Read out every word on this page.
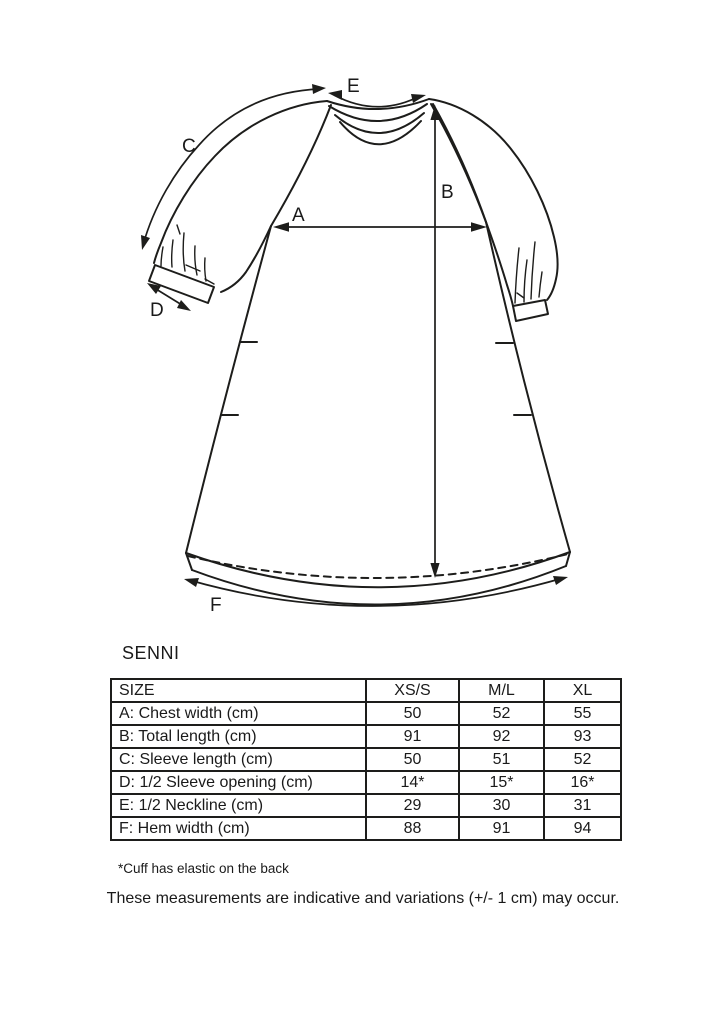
A
B
C
D
E
F
SENNI
SIZE	XS/S	M/L	XL
A: Chest width (cm)	50	52	55
B: Total length (cm)	91	92	93
C: Sleeve length (cm)	50	51	52
D: 1/2 Sleeve opening (cm)	14*	15*	16*
E: 1/2 Neckline (cm)	29	30	31
F: Hem width (cm)	88	91	94
*Cuff has elastic on the back
These measurements are indicative and variations (+/- 1 cm) may occur.
